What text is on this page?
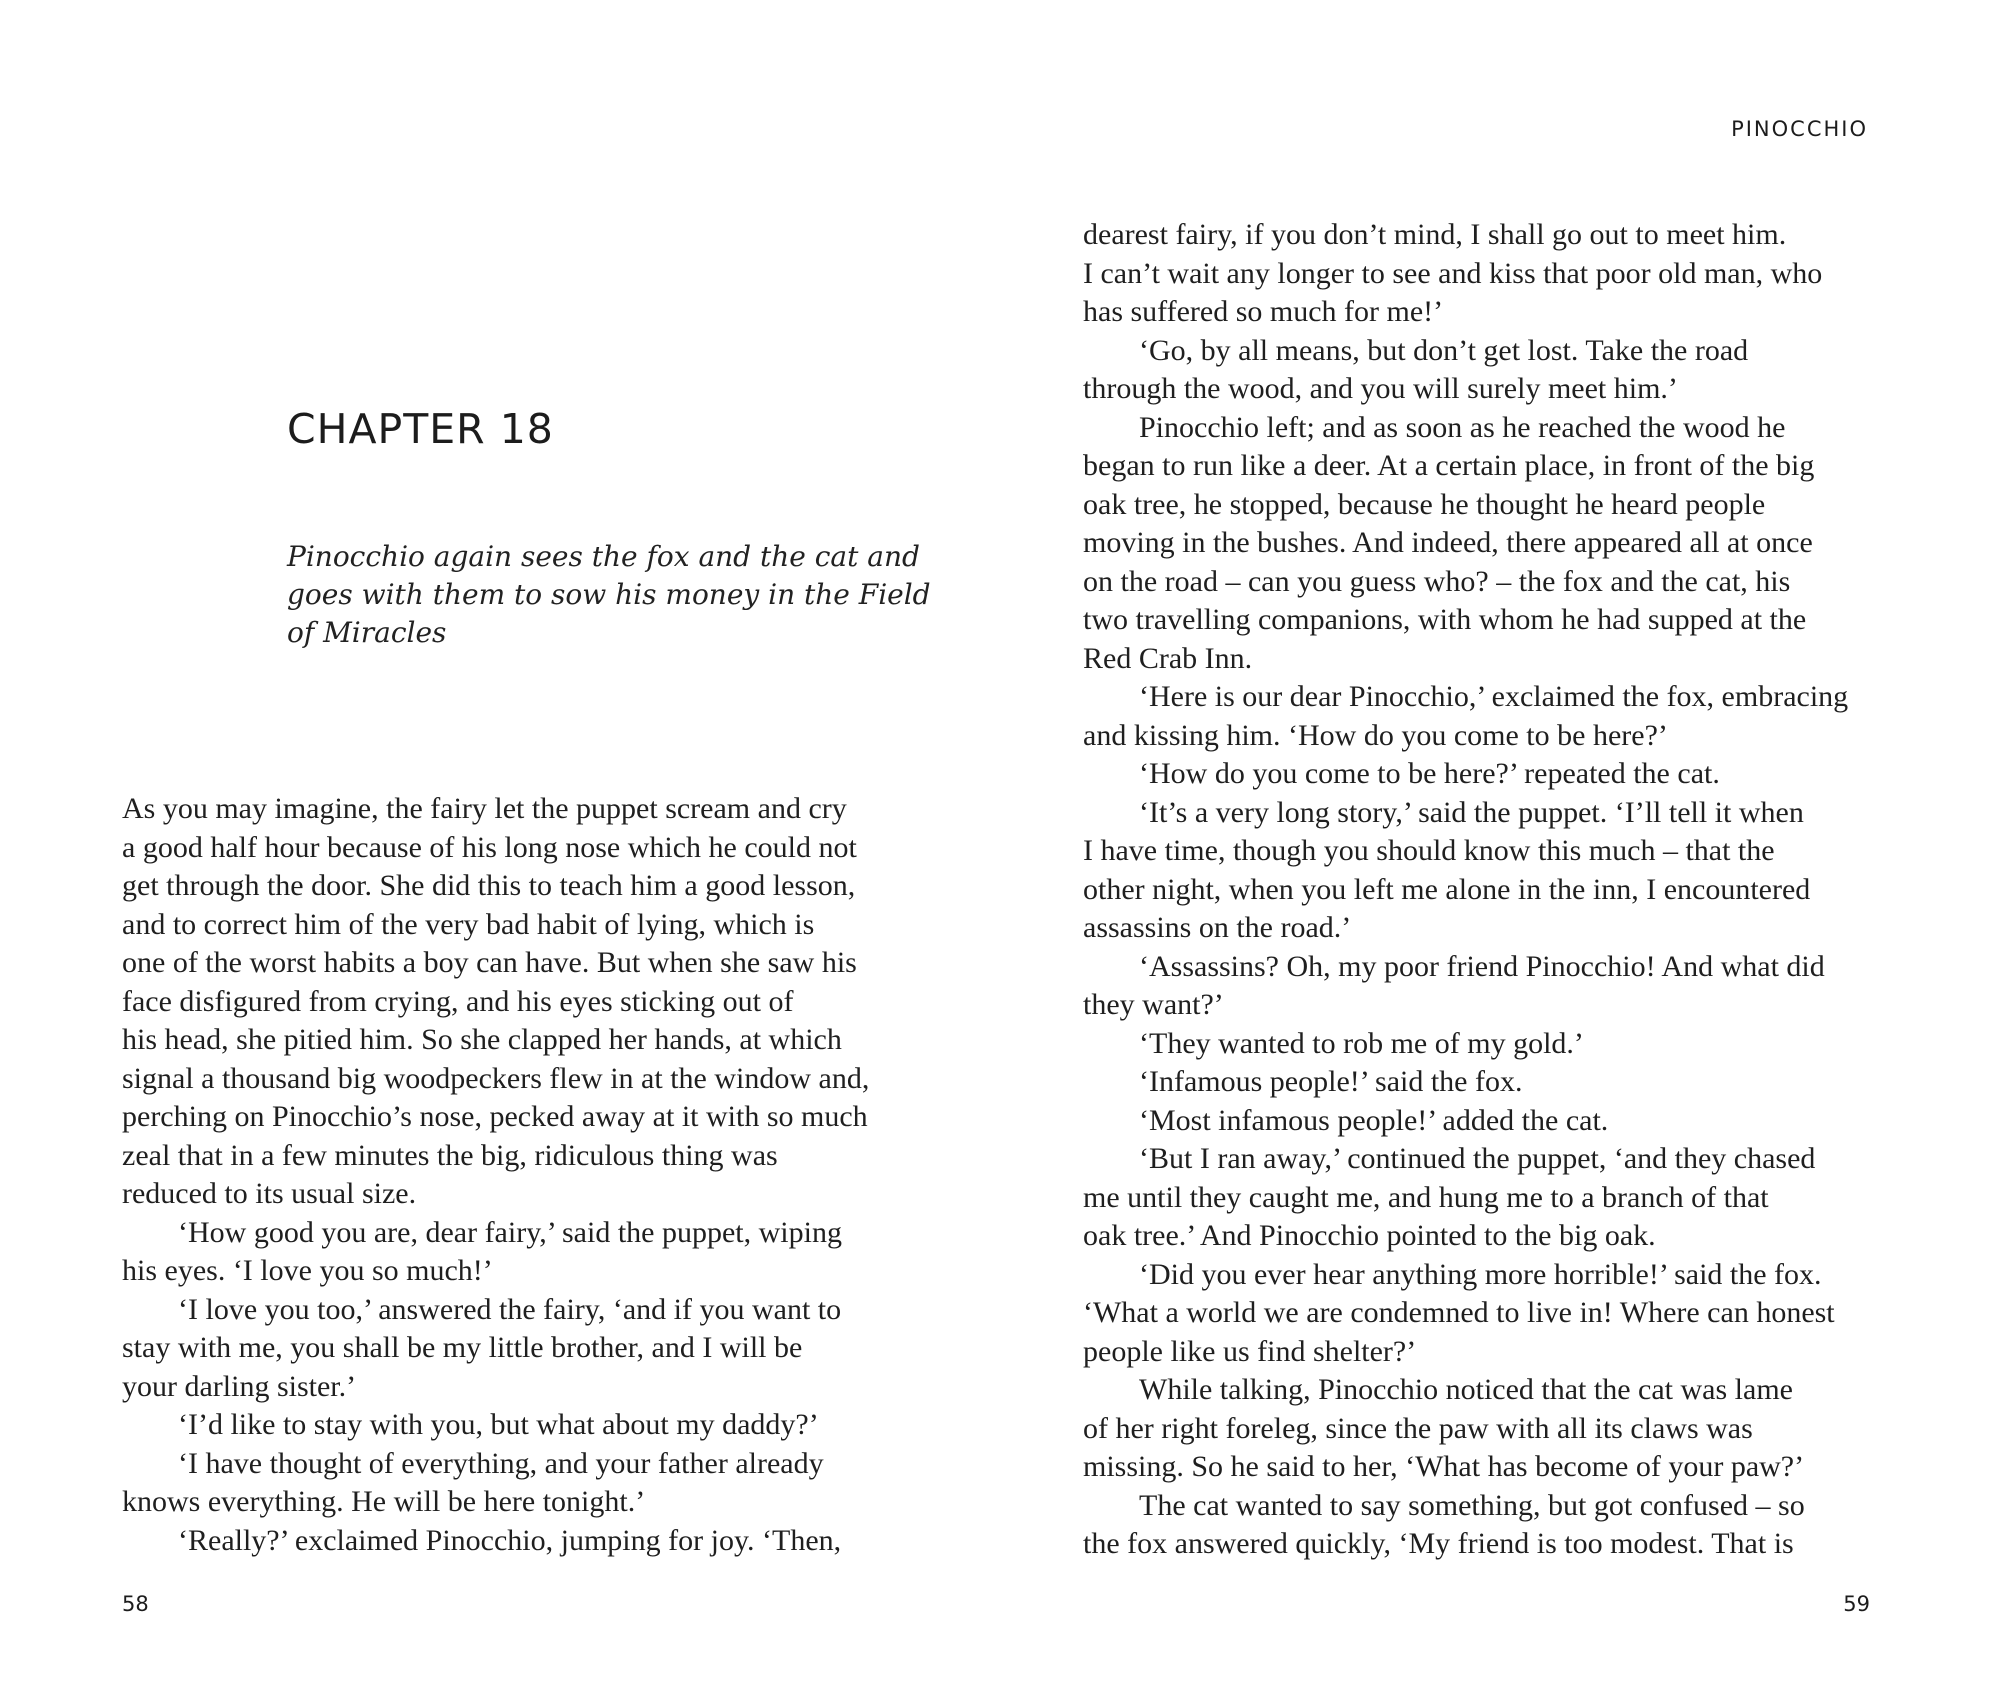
CHAPTER 18
Pinocchio again sees the fox and the cat and
goes with them to sow his money in the Field
of Miracles
As you may imagine, the fairy let the puppet scream and cry
a good half hour because of his long nose which he could not
get through the door. She did this to teach him a good lesson,
and to correct him of the very bad habit of lying, which is
one of the worst habits a boy can have. But when she saw his
face disfigured from crying, and his eyes sticking out of
his head, she pitied him. So she clapped her hands, at which
signal a thousand big woodpeckers flew in at the window and,
perching on Pinocchio’s nose, pecked away at it with so much
zeal that in a few minutes the big, ridiculous thing was
reduced to its usual size.
‘How good you are, dear fairy,’ said the puppet, wiping
his eyes. ‘I love you so much!’
‘I love you too,’ answered the fairy, ‘and if you want to
stay with me, you shall be my little brother, and I will be
your darling sister.’
‘I’d like to stay with you, but what about my daddy?’
‘I have thought of everything, and your father already
knows everything. He will be here tonight.’
‘Really?’ exclaimed Pinocchio, jumping for joy. ‘Then,
58
PINOCCHIO
dearest fairy, if you don’t mind, I shall go out to meet him.
I can’t wait any longer to see and kiss that poor old man, who
has suffered so much for me!’
‘Go, by all means, but don’t get lost. Take the road
through the wood, and you will surely meet him.’
Pinocchio left; and as soon as he reached the wood he
began to run like a deer. At a certain place, in front of the big
oak tree, he stopped, because he thought he heard people
moving in the bushes. And indeed, there appeared all at once
on the road – can you guess who? – the fox and the cat, his
two travelling companions, with whom he had supped at the
Red Crab Inn.
‘Here is our dear Pinocchio,’ exclaimed the fox, embracing
and kissing him. ‘How do you come to be here?’
‘How do you come to be here?’ repeated the cat.
‘It’s a very long story,’ said the puppet. ‘I’ll tell it when
I have time, though you should know this much – that the
other night, when you left me alone in the inn, I encountered
assassins on the road.’
‘Assassins? Oh, my poor friend Pinocchio! And what did
they want?’
‘They wanted to rob me of my gold.’
‘Infamous people!’ said the fox.
‘Most infamous people!’ added the cat.
‘But I ran away,’ continued the puppet, ‘and they chased
me until they caught me, and hung me to a branch of that
oak tree.’ And Pinocchio pointed to the big oak.
‘Did you ever hear anything more horrible!’ said the fox.
‘What a world we are condemned to live in! Where can honest
people like us find shelter?’
While talking, Pinocchio noticed that the cat was lame
of her right foreleg, since the paw with all its claws was
missing. So he said to her, ‘What has become of your paw?’
The cat wanted to say something, but got confused – so
the fox answered quickly, ‘My friend is too modest. That is
59
